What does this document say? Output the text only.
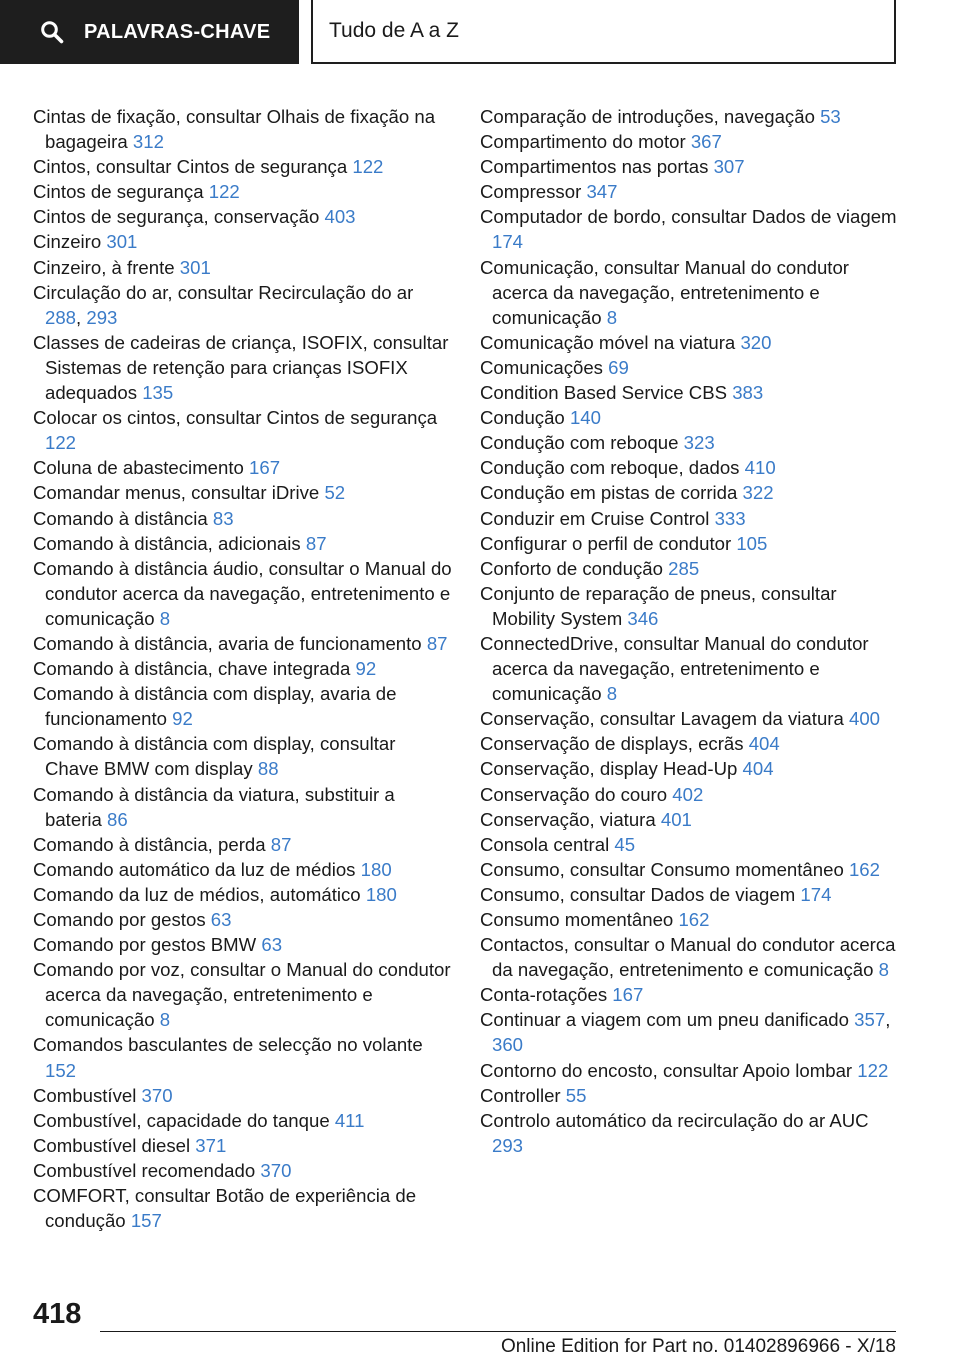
PALAVRAS-CHAVE	Tudo de A a Z
Cintas de fixação, consultar Olhais de fixação na bagageira 312
Cintos, consultar Cintos de segurança 122
Cintos de segurança 122
Cintos de segurança, conservação 403
Cinzeiro 301
Cinzeiro, à frente 301
Circulação do ar, consultar Recirculação do ar 288, 293
Classes de cadeiras de criança, ISOFIX, consultar Sistemas de retenção para crianças ISOFIX adequados 135
Colocar os cintos, consultar Cintos de segurança 122
Coluna de abastecimento 167
Comandar menus, consultar iDrive 52
Comando à distância 83
Comando à distância, adicionais 87
Comando à distância áudio, consultar o Manual do condutor acerca da navegação, entretenimento e comunicação 8
Comando à distância, avaria de funcionamento 87
Comando à distância, chave integrada 92
Comando à distância com display, avaria de funcionamento 92
Comando à distância com display, consultar Chave BMW com display 88
Comando à distância da viatura, substituir a bateria 86
Comando à distância, perda 87
Comando automático da luz de médios 180
Comando da luz de médios, automático 180
Comando por gestos 63
Comando por gestos BMW 63
Comando por voz, consultar o Manual do condutor acerca da navegação, entretenimento e comunicação 8
Comandos basculantes de selecção no volante 152
Combustível 370
Combustível, capacidade do tanque 411
Combustível diesel 371
Combustível recomendado 370
COMFORT, consultar Botão de experiência de condução 157
Comparação de introduções, navegação 53
Compartimento do motor 367
Compartimentos nas portas 307
Compressor 347
Computador de bordo, consultar Dados de viagem 174
Comunicação, consultar Manual do condutor acerca da navegação, entretenimento e comunicação 8
Comunicação móvel na viatura 320
Comunicações 69
Condition Based Service CBS 383
Condução 140
Condução com reboque 323
Condução com reboque, dados 410
Condução em pistas de corrida 322
Conduzir em Cruise Control 333
Configurar o perfil de condutor 105
Conforto de condução 285
Conjunto de reparação de pneus, consultar Mobility System 346
ConnectedDrive, consultar Manual do condutor acerca da navegação, entretenimento e comunicação 8
Conservação, consultar Lavagem da viatura 400
Conservação de displays, ecrãs 404
Conservação, display Head-Up 404
Conservação do couro 402
Conservação, viatura 401
Consola central 45
Consumo, consultar Consumo momentâneo 162
Consumo, consultar Dados de viagem 174
Consumo momentâneo 162
Contactos, consultar o Manual do condutor acerca da navegação, entretenimento e comunicação 8
Conta-rotações 167
Continuar a viagem com um pneu danificado 357, 360
Contorno do encosto, consultar Apoio lombar 122
Controller 55
Controlo automático da recirculação do ar AUC 293
418
Online Edition for Part no. 01402896966 - X/18
